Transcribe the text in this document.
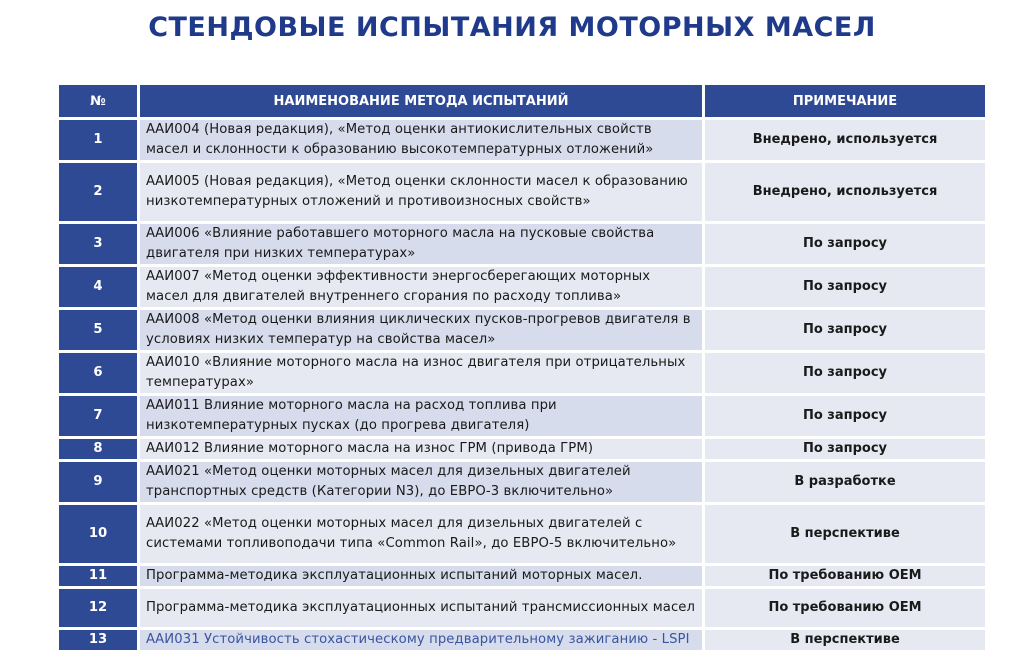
СТЕНДОВЫЕ ИСПЫТАНИЯ МОТОРНЫХ МАСЕЛ
№	НАИМЕНОВАНИЕ МЕТОДА ИСПЫТАНИЙ	ПРИМЕЧАНИЕ
1	ААИ004 (Новая редакция), «Метод оценки антиокислительных свойств масел и склонности к образованию высокотемпературных отложений»	Внедрено, используется
2	ААИ005 (Новая редакция), «Метод оценки склонности масел к образованию низкотемпературных отложений и противоизносных свойств»	Внедрено, используется
3	ААИ006 «Влияние работавшего моторного масла на пусковые свойства двигателя при низких температурах»	По запросу
4	ААИ007 «Метод оценки эффективности энергосберегающих моторных масел для двигателей внутреннего сгорания по расходу топлива»	По запросу
5	ААИ008 «Метод оценки влияния циклических пусков-прогревов двигателя в условиях низких температур на свойства масел»	По запросу
6	ААИ010 «Влияние моторного масла на износ двигателя при отрицательных температурах»	По запросу
7	ААИ011 Влияние моторного масла на расход топлива при низкотемпературных пусках (до прогрева двигателя)	По запросу
8	ААИ012 Влияние моторного масла на износ ГРМ (привода ГРМ)	По запросу
9	ААИ021 «Метод оценки моторных масел для дизельных двигателей транспортных средств (Категории N3), до ЕВРО-3 включительно»	В разработке
10	ААИ022 «Метод оценки моторных масел для дизельных двигателей с системами топливоподачи типа «Common Rail», до ЕВРО-5 включительно»	В перспективе
11	Программа-методика эксплуатационных испытаний моторных масел.	По требованию ОЕМ
12	Программа-методика эксплуатационных испытаний трансмиссионных масел	По требованию ОЕМ
13	ААИ031 Устойчивость стохастическому предварительному зажиганию - LSPI	В перспективе
